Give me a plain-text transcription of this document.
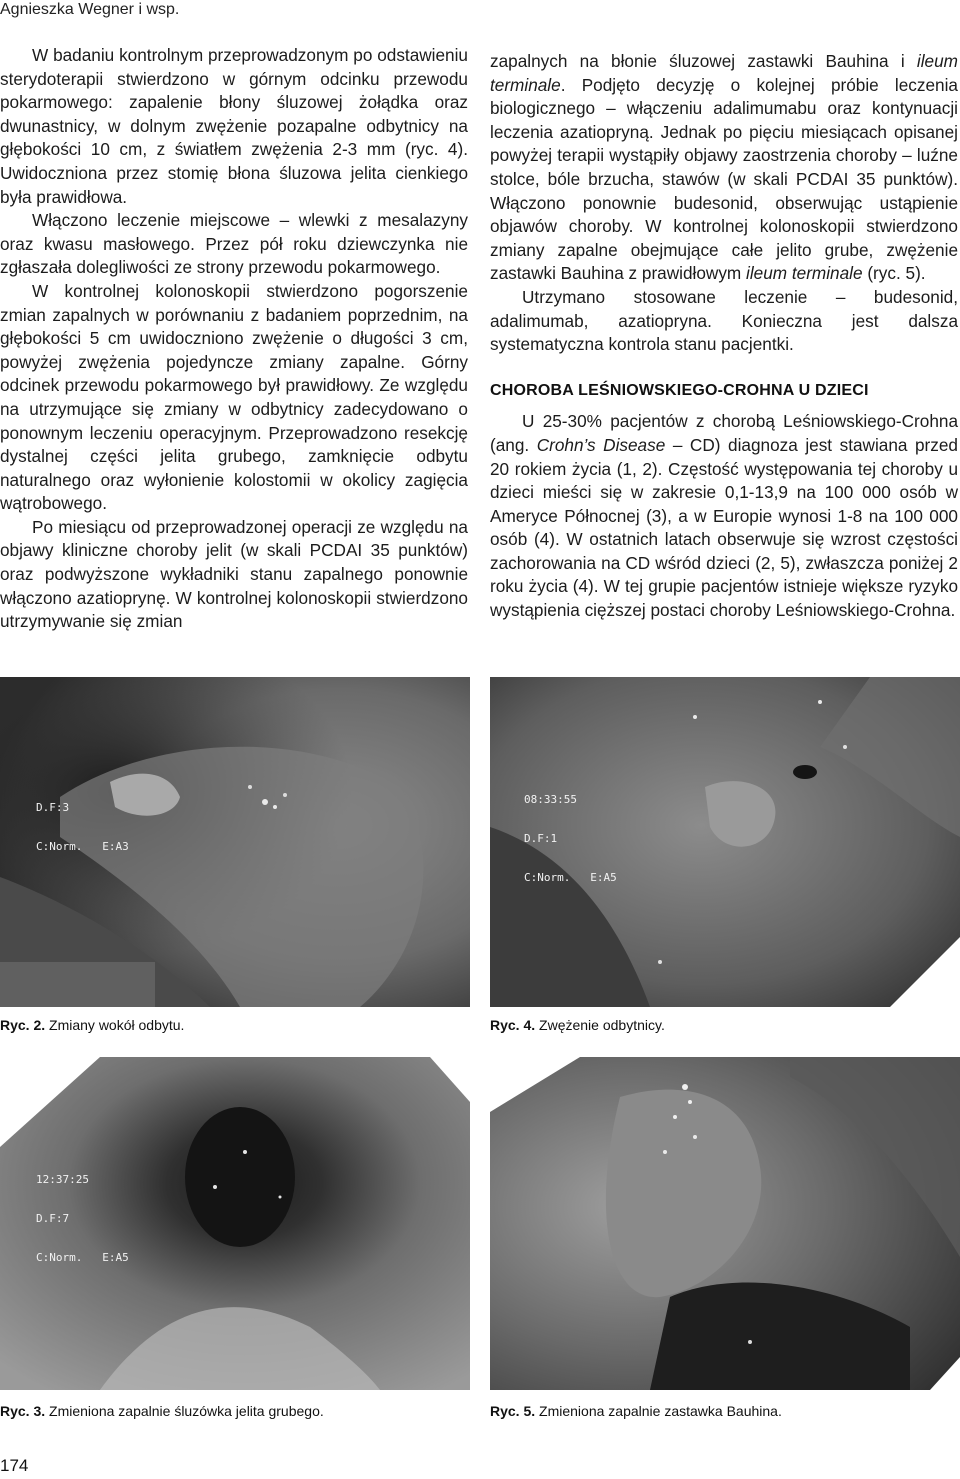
Agnieszka Wegner i wsp.

W badaniu kontrolnym przeprowadzonym po odstawieniu sterydoterapii stwierdzono w górnym odcinku przewodu pokarmowego: zapalenie błony śluzowej żołądka oraz dwunastnicy, w dolnym zwężenie pozapalne odbytnicy na głębokości 10 cm, z światłem zwężenia 2-3 mm (ryc. 4). Uwidoczniona przez stomię błona śluzowa jelita cienkiego była prawidłowa.

Włączono leczenie miejscowe – wlewki z mesalazyny oraz kwasu masłowego. Przez pół roku dziewczynka nie zgłaszała dolegliwości ze strony przewodu pokarmowego.

W kontrolnej kolonoskopii stwierdzono pogorszenie zmian zapalnych w porównaniu z badaniem poprzednim, na głębokości 5 cm uwidoczniono zwężenie o długości 3 cm, powyżej zwężenia pojedyncze zmiany zapalne. Górny odcinek przewodu pokarmowego był prawidłowy. Ze względu na utrzymujące się zmiany w odbytnicy zadecydowano o ponownym leczeniu operacyjnym. Przeprowadzono resekcję dystalnej części jelita grubego, zamknięcie odbytu naturalnego oraz wyłonienie kolostomii w okolicy zagięcia wątrobowego.

Po miesiącu od przeprowadzonej operacji ze względu na objawy kliniczne choroby jelit (w skali PCDAI 35 punktów) oraz podwyższone wykładniki stanu zapalnego ponownie włączono azatioprynę. W kontrolnej kolonoskopii stwierdzono utrzymywanie się zmian

zapalnych na błonie śluzowej zastawki Bauhina i ileum terminale. Podjęto decyzję o kolejnej próbie leczenia biologicznego – włączeniu adalimumabu oraz kontynuacji leczenia azatiopryną. Jednak po pięciu miesiącach opisanej powyżej terapii wystąpiły objawy zaostrzenia choroby – luźne stolce, bóle brzucha, stawów (w skali PCDAI 35 punktów). Włączono ponownie budesonid, obserwując ustąpienie objawów choroby. W kontrolnej kolonoskopii stwierdzono zmiany zapalne obejmujące całe jelito grube, zwężenie zastawki Bauhina z prawidłowym ileum terminale (ryc. 5).

Utrzymano stosowane leczenie – budesonid, adalimumab, azatiopryna. Konieczna jest dalsza systematyczna kontrola stanu pacjentki.

CHOROBA LEŚNIOWSKIEGO-CROHNA U DZIECI

U 25-30% pacjentów z chorobą Leśniowskiego-Crohna (ang. Crohn’s Disease – CD) diagnoza jest stawiana przed 20 rokiem życia (1, 2). Częstość występowania tej choroby u dzieci mieści się w zakresie 0,1-13,9 na 100 000 osób w Ameryce Północnej (3), a w Europie wynosi 1-8 na 100 000 osób (4). W ostatnich latach obserwuje się wzrost częstości zachorowania na CD wśród dzieci (2, 5), zwłaszcza poniżej 2 roku życia (4). W tej grupie pacjentów istnieje większe ryzyko wystąpienia cięższej postaci choroby Leśniowskiego-Crohna.

D.F:3

C:Norm.   E:A3

Ryc. 2. Zmiany wokół odbytu.

08:33:55

D.F:1

C:Norm.   E:A5

Ryc. 4. Zwężenie odbytnicy.

12:37:25

D.F:7

C:Norm.   E:A5

Ryc. 3. Zmieniona zapalnie śluzówka jelita grubego.

	Ryc. 5. Zmieniona zapalnie zastawka Bauhina.
174
